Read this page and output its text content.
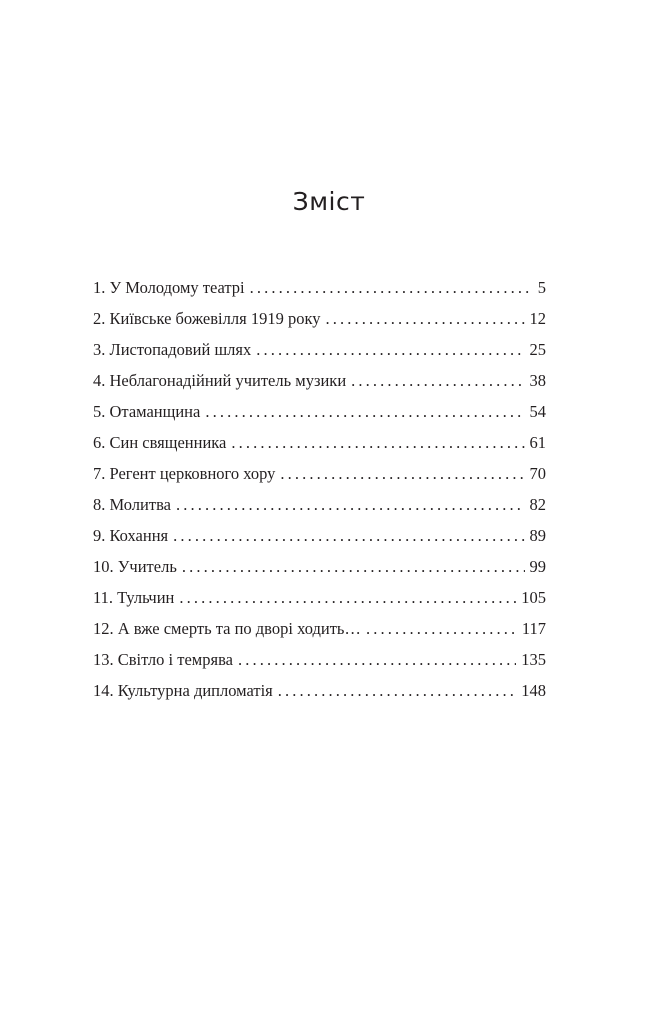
Зміст
1. У Молодому театрі . . .	5
2. Київське божевілля 1919 року . . .	12
3. Листопадовий шлях . . .	25
4. Неблагонадійний учитель музики . . .	38
5. Отаманщина . . .	54
6. Син священника . . .	61
7. Регент церковного хору . . .	70
8. Молитва . . .	82
9. Кохання . . .	89
10. Учитель . . .	99
11. Тульчин . . .	105
12. А вже смерть та по дворі ходить… . . .	117
13. Світло і темрява . . .	135
14. Культурна дипломатія . . .	148
